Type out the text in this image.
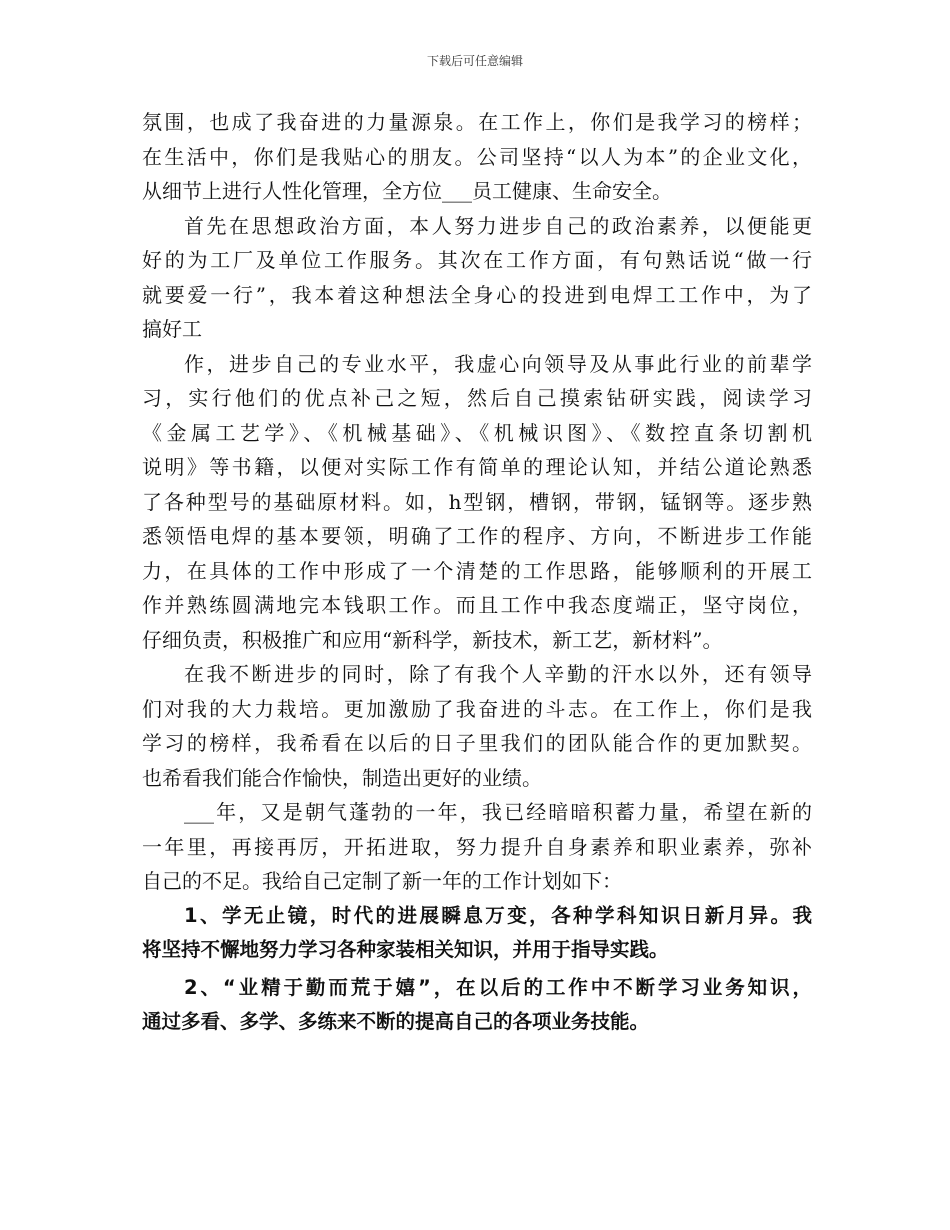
下载后可任意编辑
氛围，也成了我奋进的力量源泉。在工作上，你们是我学习的榜样；
在生活中，你们是我贴心的朋友。公司坚持“以人为本”的企业文化，
从细节上进行人性化管理，全方位___员工健康、生命安全。
首先在思想政治方面，本人努力进步自己的政治素养，以便能更
好的为工厂及单位工作服务。其次在工作方面，有句熟话说“做一行
就要爱一行”，我本着这种想法全身心的投进到电焊工工作中，为了
搞好工
作，进步自己的专业水平，我虚心向领导及从事此行业的前辈学
习，实行他们的优点补己之短，然后自己摸索钻研实践，阅读学习
《金属工艺学》、《机械基础》、《机械识图》、《数控直条切割机
说明》等书籍，以便对实际工作有简单的理论认知，并结公道论熟悉
了各种型号的基础原材料。如，h型钢，槽钢，带钢，锰钢等。逐步熟
悉领悟电焊的基本要领，明确了工作的程序、方向，不断进步工作能
力，在具体的工作中形成了一个清楚的工作思路，能够顺利的开展工
作并熟练圆满地完本钱职工作。而且工作中我态度端正，坚守岗位，
仔细负责，积极推广和应用“新科学，新技术，新工艺，新材料”。
在我不断进步的同时，除了有我个人辛勤的汗水以外，还有领导
们对我的大力栽培。更加激励了我奋进的斗志。在工作上，你们是我
学习的榜样，我希看在以后的日子里我们的团队能合作的更加默契。
也希看我们能合作愉快，制造出更好的业绩。
___年，又是朝气蓬勃的一年，我已经暗暗积蓄力量，希望在新的
一年里，再接再厉，开拓进取，努力提升自身素养和职业素养，弥补
自己的不足。我给自己定制了新一年的工作计划如下：
1、学无止镜，时代的进展瞬息万变，各种学科知识日新月异。我
将坚持不懈地努力学习各种家装相关知识，并用于指导实践。
2、“业精于勤而荒于嬉”，在以后的工作中不断学习业务知识，
通过多看、多学、多练来不断的提高自己的各项业务技能。
